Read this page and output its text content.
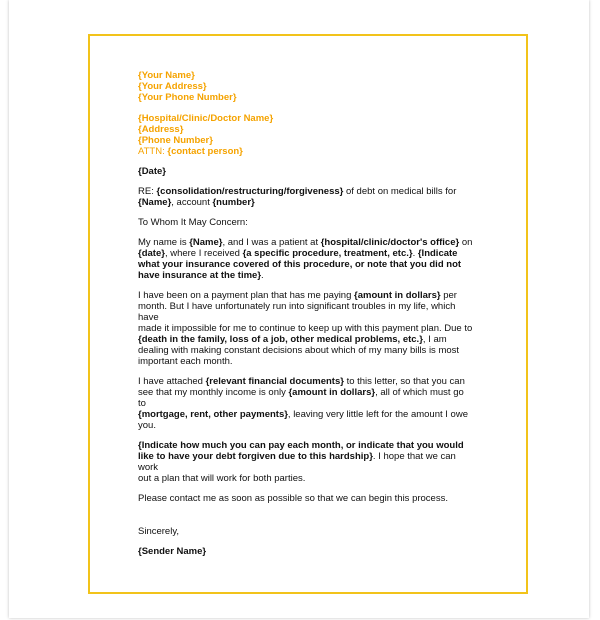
{Your Name}

{Your Address}

{Your Phone Number}

{Hospital/Clinic/Doctor Name}

{Address}

{Phone Number}

ATTN: {contact person}

{Date}

RE: {consolidation/restructuring/forgiveness} of debt on medical bills for

{Name}, account {number}

To Whom It May Concern:

My name is {Name}, and I was a patient at {hospital/clinic/doctor's office} on

{date}, where I received {a specific procedure, treatment, etc.}. {Indicate

what your insurance covered of this procedure, or note that you did not

have insurance at the time}.

I have been on a payment plan that has me paying {amount in dollars} per

month. But I have unfortunately run into significant troubles in my life, which have

made it impossible for me to continue to keep up with this payment plan. Due to

{death in the family, loss of a job, other medical problems, etc.}, I am

dealing with making constant decisions about which of my many bills is most

important each month.

I have attached {relevant financial documents} to this letter, so that you can

see that my monthly income is only {amount in dollars}, all of which must go to

{mortgage, rent, other payments}, leaving very little left for the amount I owe

you.

{Indicate how much you can pay each month, or indicate that you would

like to have your debt forgiven due to this hardship}. I hope that we can work

out a plan that will work for both parties.

Please contact me as soon as possible so that we can begin this process.

Sincerely,

{Sender Name}
